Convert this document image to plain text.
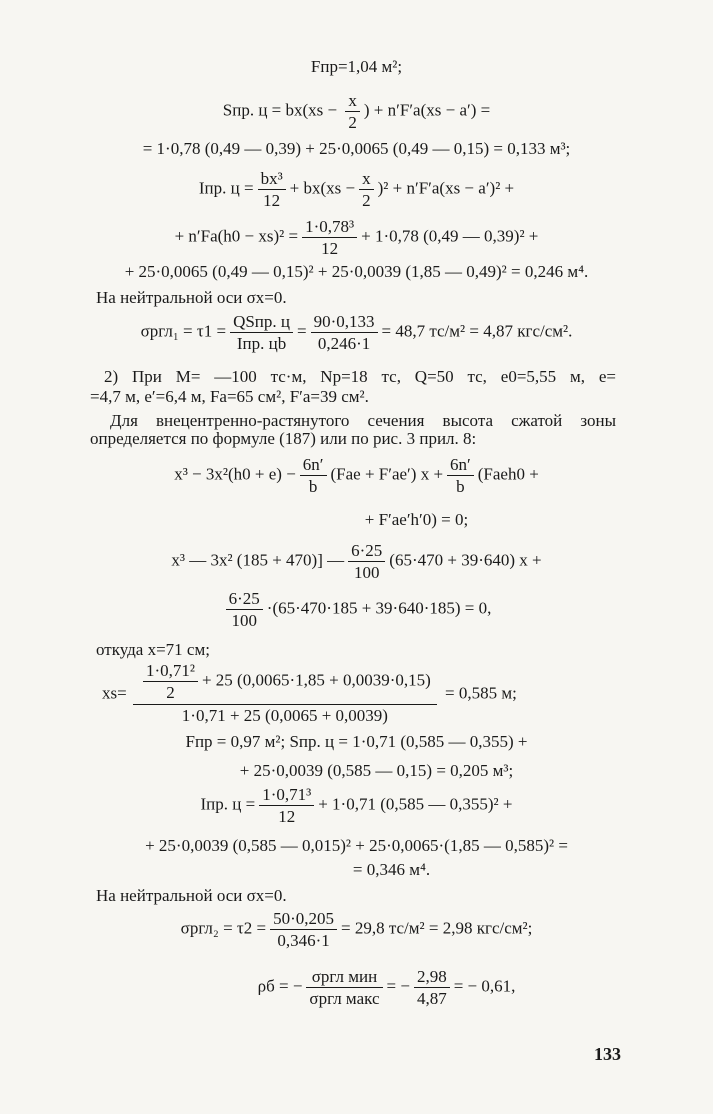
Fпр=1,04 м²;
Sпр. $ц = bx(xs - \frac{x}{2}$ ) + n′F′a(xs − a′) =
= 1·0,78 (0,49 — 0,39) + 25·0,0065 (0,49 — 0,15) = 0,133 м³;
Iпр. $ц = \frac{\text{bx³}}{12} + bx(xs - \frac{x}{2} )^2 + n'F'a(xs - a')^2$ +
+ $n'Fa(h0 - xs)^2 = \frac{\text{1·0,78³}}{12} + 1\cdot 0,78$ (0,49 — 0,39)² +
+ 25·0,0065 (0,49 — 0,15)² + 25·0,0039 (1,85 — 0,49)² = 0,246 м⁴.
На нейтральной оси σx=0.
$\sigma ргл_1 = \tau 1 = \frac{\text{QSпр. ц}}{\text{Iпр. цb}} = \frac{90\cdot 0,133}{0,246\cdot 1} = 48,7$ тс/м² = 4,87 кгс/см².
2) При M= —100 тс·м, Nр=18 тс, Q=50 тс, e0=5,55 м, e=
=4,7 м, e′=6,4 м, Fa=65 см², F′a=39 см².
Для внецентренно-растянутого сечения высота сжатой зоны
определяется по формуле (187) или по рис. 3 прил. 8:
$x^3 - 3x^2(h0 + e) - \frac{6n'}{b} (Fae + F'ae') x + \frac{6n'}{b}$ (Faeh0 +
+ F′ae′h′0) = 0;
x³ — 3x² (185 + 470)] — $\frac{6\cdot 25}{100} (65\cdot 470 + 39\cdot 640) x$ +
$\frac{6\cdot 25}{100} \cdot(65\cdot 470\cdot 185 + 39\cdot 640\cdot 185) = 0$,
откуда x=71 см;
$xs= \frac{\frac{\text{1·0,71²}}{2} + 25 (0,0065\cdot 1,85 + 0,0039\cdot 0,15)}{1\cdot 0,71 + 25 (0,0065 + 0,0039)} = 0,585$ м;
Fпр = 0,97 м²; Sпр. ц = 1·0,71 (0,585 — 0,355) +
+ 25·0,0039 (0,585 — 0,15) = 0,205 м³;
Iпр. $ц = \frac{\text{1·0,71³}}{12} + 1\cdot 0,71$ (0,585 — 0,355)² +
+ 25·0,0039 (0,585 — 0,015)² + 25·0,0065·(1,85 — 0,585)² =
= 0,346 м⁴.
На нейтральной оси σx=0.
$\sigma ргл_2 = \tau 2 = \frac{50\cdot 0,205}{0,346\cdot 1} = 29,8$ тс/м² = 2,98 кгс/см²;
ρб = − $\frac{\text{σргл мин}}{\text{σргл макс}}$ = − $\frac{2,98}{4,87}$ = − 0,61,
133
